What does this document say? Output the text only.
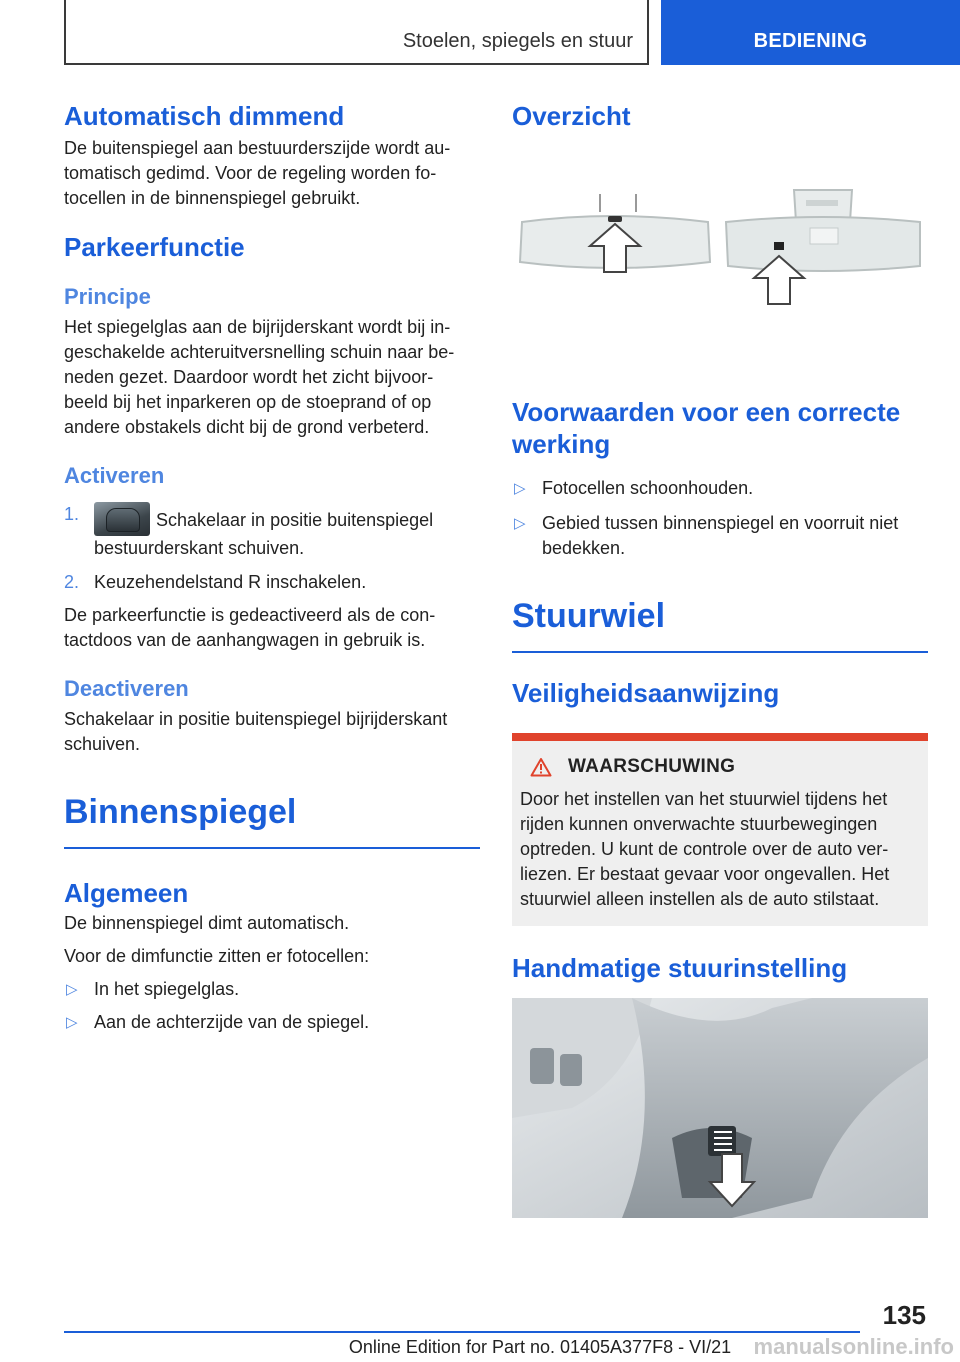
Stoelen, spiegels en stuur	BEDIENING
Automatisch dimmend

De buitenspiegel aan bestuurderszijde wordt au- tomatisch gedimd. Voor de regeling worden fo- tocellen in de binnenspiegel gebruikt.

Parkeerfunctie
Principe

Het spiegelglas aan de bijrijderskant wordt bij in- geschakelde achteruitversnelling schuin naar be- neden gezet. Daardoor wordt het zicht bijvoor- beeld bij het inparkeren op de stoeprand of op andere obstakels dicht bij de grond verbeterd.

Activeren
1.	Schakelaar in positie buitenspiegel bestuurderskant schuiven.
2. Keuzehendelstand R inschakelen.

De parkeerfunctie is gedeactiveerd als de con- tactdoos van de aanhangwagen in gebruik is.

Deactiveren

Schakelaar in positie buitenspiegel bijrijderskant schuiven.

Binnenspiegel
Algemeen

De binnenspiegel dimt automatisch.

Voor de dimfunctie zitten er fotocellen:

▷ In het spiegelglas.
▷ Aan de achterzijde van de spiegel.
Overzicht
Voorwaarden voor een correcte werking
▷ Fotocellen schoonhouden.
▷ Gebied tussen binnenspiegel en voorruit niet bedekken.
Stuurwiel
Veiligheidsaanwijzing
WAARSCHUWING

Door het instellen van het stuurwiel tijdens het rijden kunnen onverwachte stuurbewegingen optreden. U kunt de controle over de auto ver- liezen. Er bestaat gevaar voor ongevallen. Het stuurwiel alleen instellen als de auto stilstaat.

Handmatige stuurinstelling
135
Online Edition for Part no. 01405A377F8 - VI/21	manualsonline.info
